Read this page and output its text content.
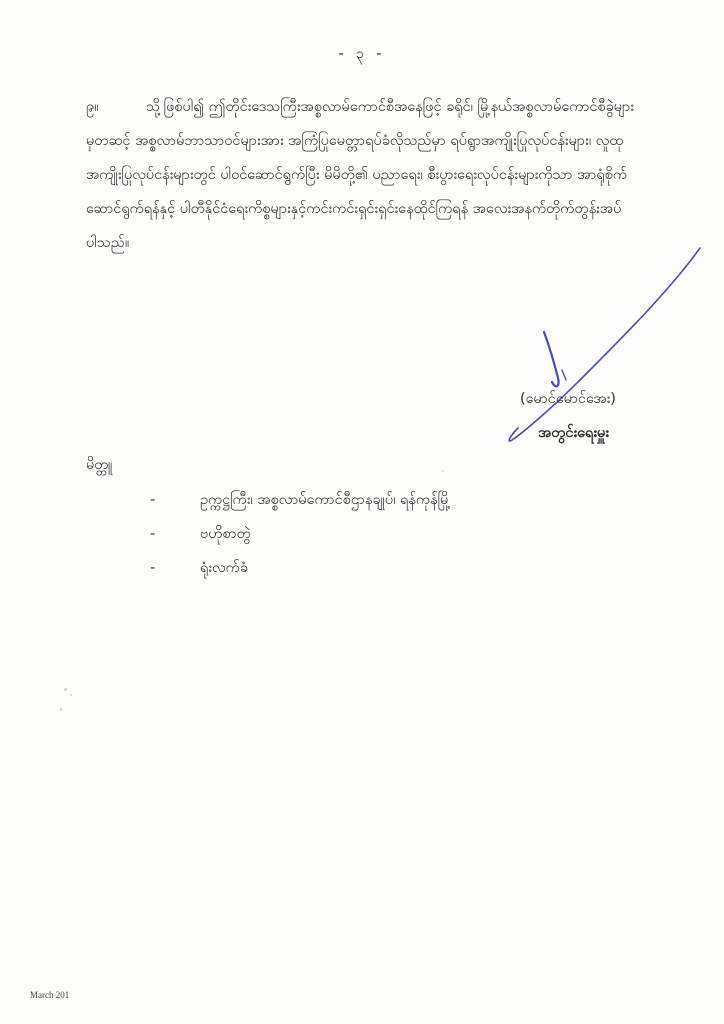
- ၃ -
၉။	သို့ဖြစ်ပါ၍ ဤတိုင်းဒေသကြီးအစ္စလာမ်ကောင်စီအနေဖြင့် ခရိုင်၊ မြို့နယ်အစ္စလာမ်ကောင်စီခွဲများ
မှတဆင့် အစ္စလာမ်ဘာသာဝင်များအား အကြံပြုမေတ္တာရပ်ခံလိုသည်မှာ ရပ်ရွာအကျိုးပြုလုပ်ငန်းများ၊ လူထု
အကျိုးပြုလုပ်ငန်းများတွင် ပါဝင်ဆောင်ရွက်ပြီး မိမိတို့၏ ပညာရေး၊ စီးပွားရေးလုပ်ငန်းများကိုသာ အာရုံစိုက်
ဆောင်ရွက်ရန်နှင့် ပါတီနိုင်ငံရေးကိစ္စများနှင့်ကင်းကင်းရှင်းရှင်းနေထိုင်ကြရန် အလေးအနက်တိုက်တွန်းအပ်
ပါသည်။
(မောင်မောင်အေး)
အတွင်းရေးမှူး
မိတ္တူ
-	ဥက္ကဋ္ဌကြီး၊ အစ္စလာမ်ကောင်စီဌာနချုပ်၊ ရန်ကုန်မြို့
-	ဗဟိုစာတွဲ
-	ရုံးလက်ခံ
March 201
